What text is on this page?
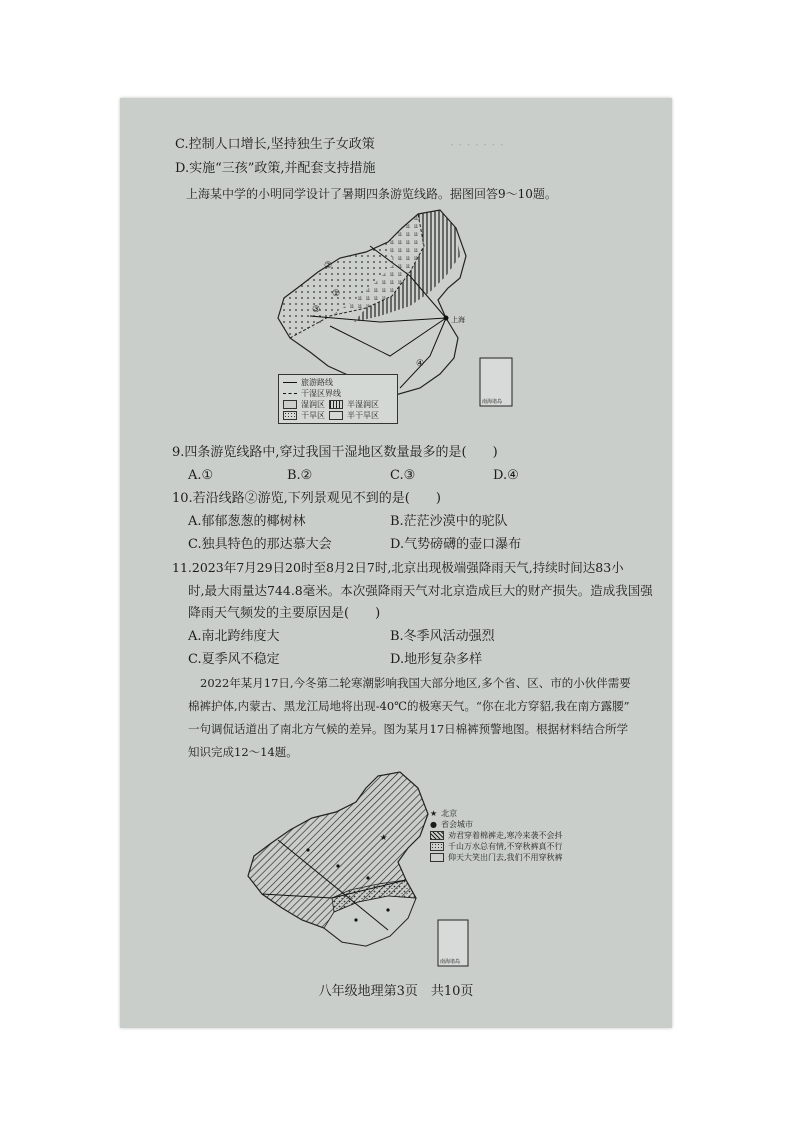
· · · · · · ·
C.控制人口增长,坚持独生子女政策
D.实施“三孩”政策,并配套支持措施
上海某中学的小明同学设计了暑期四条游览线路。据图回答9～10题。
上海
①
②
③
④
南海诸岛
旅游路线
干湿区界线
湿润区	半湿润区
干旱区	半干旱区
9.四条游览线路中,穿过我国干湿地区数量最多的是(　　)
A.①	B.②	C.③	D.④
10.若沿线路②游览,下列景观见不到的是(　　)
A.郁郁葱葱的椰树林	B.茫茫沙漠中的驼队
C.独具特色的那达慕大会	D.气势磅礴的壶口瀑布
11.2023年7月29日20时至8月2日7时,北京出现极端强降雨天气,持续时间达83小
时,最大雨量达744.8毫米。本次强降雨天气对北京造成巨大的财产损失。造成我国强
降雨天气频发的主要原因是(　　)
A.南北跨纬度大	B.冬季风活动强烈
C.夏季风不稳定	D.地形复杂多样
2022年某月17日,今冬第二轮寒潮影响我国大部分地区,多个省、区、市的小伙伴需要
棉裤护体,内蒙古、黑龙江局地将出现-40℃的极寒天气。“你在北方穿貂,我在南方露腰”
一句调侃话道出了南北方气候的差异。图为某月17日棉裤预警地图。根据材料结合所学
知识完成12～14题。
★
南海诸岛
★ 北京
● 省会城市
劝君穿着棉裤走,寒冷来袭不会抖
千山万水总有情,不穿秋裤真不行
仰天大笑出门去,我们不用穿秋裤
八年级地理第3页　共10页
